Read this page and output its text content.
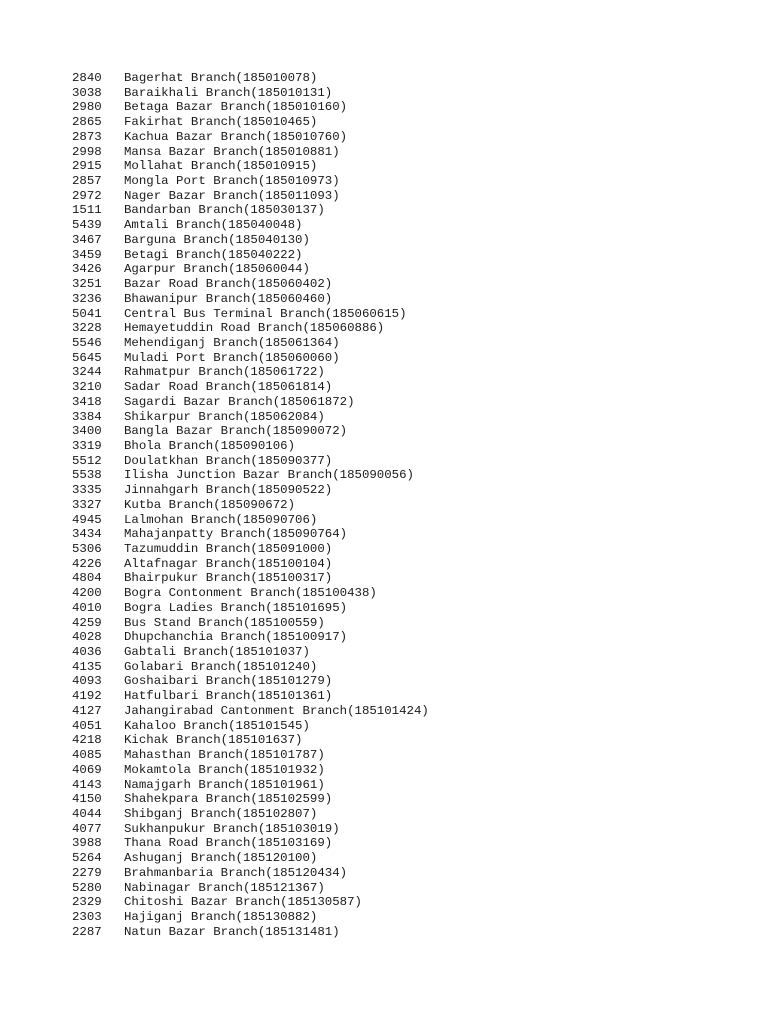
2840	Bagerhat Branch(185010078)
3038	Baraikhali Branch(185010131)
2980	Betaga Bazar Branch(185010160)
2865	Fakirhat Branch(185010465)
2873	Kachua Bazar Branch(185010760)
2998	Mansa Bazar Branch(185010881)
2915	Mollahat Branch(185010915)
2857	Mongla Port Branch(185010973)
2972	Nager Bazar Branch(185011093)
1511	Bandarban Branch(185030137)
5439	Amtali Branch(185040048)
3467	Barguna Branch(185040130)
3459	Betagi Branch(185040222)
3426	Agarpur Branch(185060044)
3251	Bazar Road Branch(185060402)
3236	Bhawanipur Branch(185060460)
5041	Central Bus Terminal Branch(185060615)
3228	Hemayetuddin Road Branch(185060886)
5546	Mehendiganj Branch(185061364)
5645	Muladi Port Branch(185060060)
3244	Rahmatpur Branch(185061722)
3210	Sadar Road Branch(185061814)
3418	Sagardi Bazar Branch(185061872)
3384	Shikarpur Branch(185062084)
3400	Bangla Bazar Branch(185090072)
3319	Bhola Branch(185090106)
5512	Doulatkhan Branch(185090377)
5538	Ilisha Junction Bazar Branch(185090056)
3335	Jinnahgarh Branch(185090522)
3327	Kutba Branch(185090672)
4945	Lalmohan Branch(185090706)
3434	Mahajanpatty Branch(185090764)
5306	Tazumuddin Branch(185091000)
4226	Altafnagar Branch(185100104)
4804	Bhairpukur Branch(185100317)
4200	Bogra Contonment Branch(185100438)
4010	Bogra Ladies Branch(185101695)
4259	Bus Stand Branch(185100559)
4028	Dhupchanchia Branch(185100917)
4036	Gabtali Branch(185101037)
4135	Golabari Branch(185101240)
4093	Goshaibari Branch(185101279)
4192	Hatfulbari Branch(185101361)
4127	Jahangirabad Cantonment Branch(185101424)
4051	Kahaloo Branch(185101545)
4218	Kichak Branch(185101637)
4085	Mahasthan Branch(185101787)
4069	Mokamtola Branch(185101932)
4143	Namajgarh Branch(185101961)
4150	Shahekpara Branch(185102599)
4044	Shibganj Branch(185102807)
4077	Sukhanpukur Branch(185103019)
3988	Thana Road Branch(185103169)
5264	Ashuganj Branch(185120100)
2279	Brahmanbaria Branch(185120434)
5280	Nabinagar Branch(185121367)
2329	Chitoshi Bazar Branch(185130587)
2303	Hajiganj Branch(185130882)
2287	Natun Bazar Branch(185131481)
